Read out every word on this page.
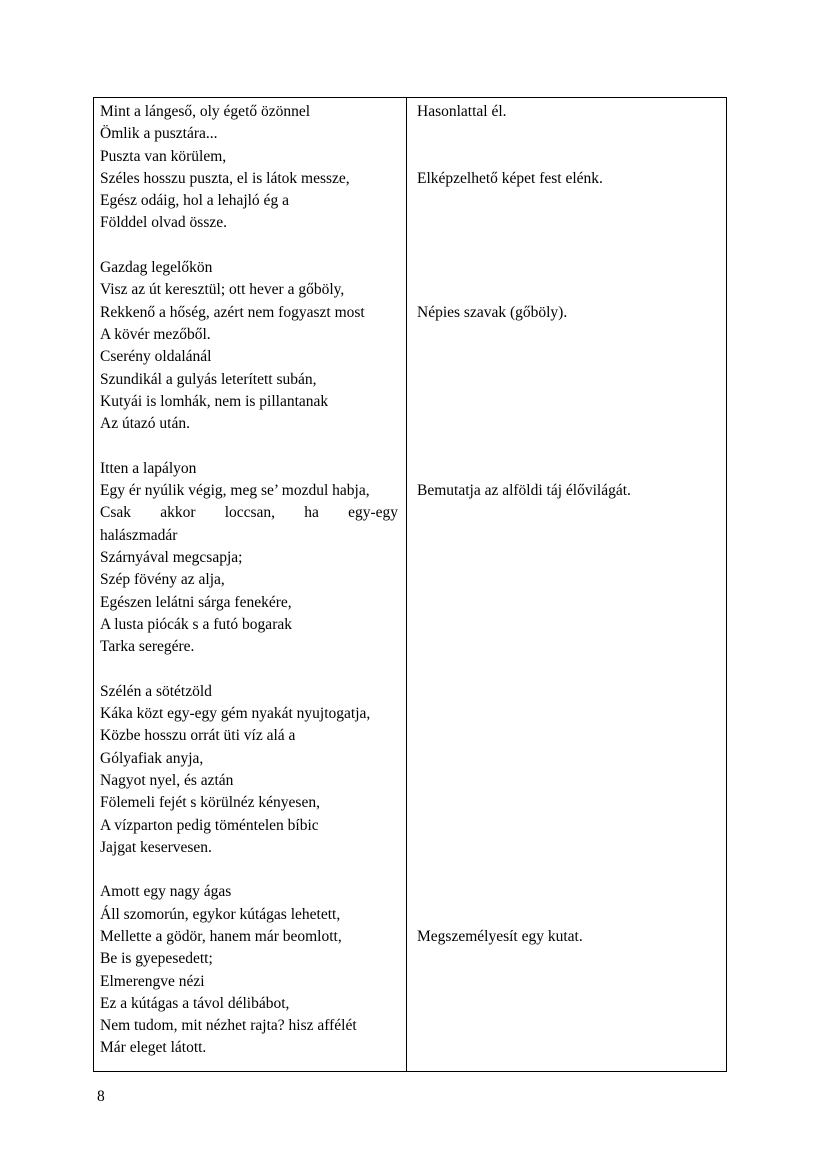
Mint a lángeső, oly égető özönnel
Ömlik a pusztára...
Puszta van körülem,
Széles hosszu puszta, el is látok messze,
Egész odáig, hol a lehajló ég a
Földdel olvad össze.
Gazdag legelőkön
Visz az út keresztül; ott hever a gőböly,
Rekkenő a hőség, azért nem fogyaszt most
A kövér mezőből.
Cserény oldalánál
Szundikál a gulyás leterített subán,
Kutyái is lomhák, nem is pillantanak
Az útazó után.
Itten a lapályon
Egy ér nyúlik végig, meg se’ mozdul habja,
Csak akkor loccsan, ha egy-egy
halászmadár
Szárnyával megcsapja;
Szép fövény az alja,
Egészen lelátni sárga fenekére,
A lusta piócák s a futó bogarak
Tarka seregére.
Szélén a sötétzöld
Káka közt egy-egy gém nyakát nyujtogatja,
Közbe hosszu orrát üti víz alá a
Gólyafiak anyja,
Nagyot nyel, és aztán
Fölemeli fejét s körülnéz kényesen,
A vízparton pedig töméntelen bíbic
Jajgat keservesen.
Amott egy nagy ágas
Áll szomorún, egykor kútágas lehetett,
Mellette a gödör, hanem már beomlott,
Be is gyepesedett;
Elmerengve nézi
Ez a kútágas a távol délibábot,
Nem tudom, mit nézhet rajta? hisz affélét
Már eleget látott.
Hasonlattal él.
Elképzelhető képet fest elénk.
Népies szavak (gőböly).
Bemutatja az alföldi táj élővilágát.
Megszemélyesít egy kutat.
8
